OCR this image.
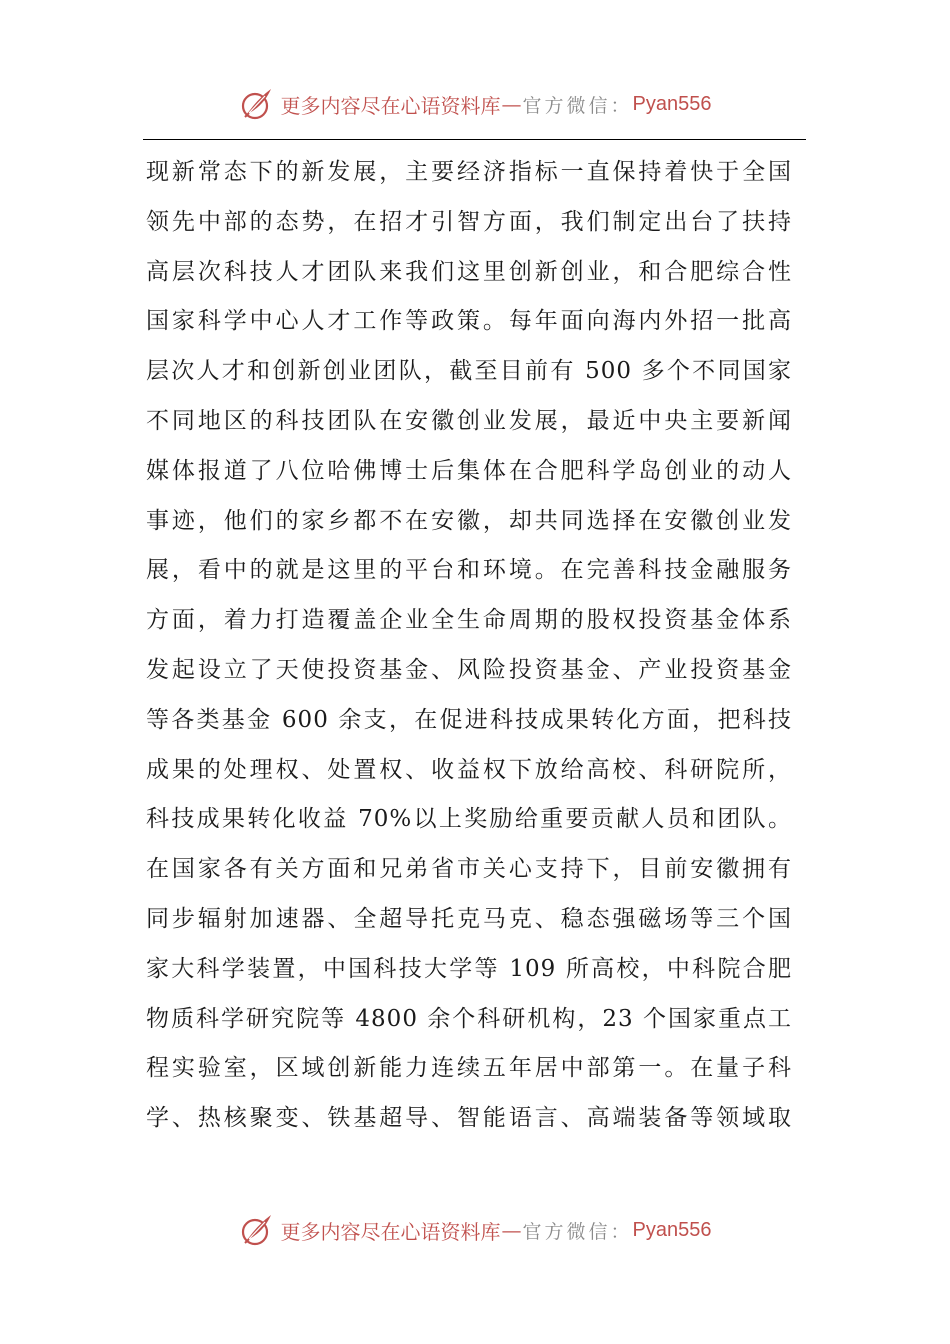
更多内容尽在心语资料库 — 官方微信： Pyan556
现新常态下的新发展，主要经济指标一直保持着快于全国
领先中部的态势，在招才引智方面，我们制定出台了扶持
高层次科技人才团队来我们这里创新创业，和合肥综合性
国家科学中心人才工作等政策。每年面向海内外招一批高
层次人才和创新创业团队，截至目前有 500 多个不同国家
不同地区的科技团队在安徽创业发展，最近中央主要新闻
媒体报道了八位哈佛博士后集体在合肥科学岛创业的动人
事迹，他们的家乡都不在安徽，却共同选择在安徽创业发
展，看中的就是这里的平台和环境。在完善科技金融服务
方面，着力打造覆盖企业全生命周期的股权投资基金体系
发起设立了天使投资基金、风险投资基金、产业投资基金
等各类基金 600 余支，在促进科技成果转化方面，把科技
成果的处理权、处置权、收益权下放给高校、科研院所，
科技成果转化收益 70%以上奖励给重要贡献人员和团队。
在国家各有关方面和兄弟省市关心支持下，目前安徽拥有
同步辐射加速器、全超导托克马克、稳态强磁场等三个国
家大科学装置，中国科技大学等 109 所高校，中科院合肥
物质科学研究院等 4800 余个科研机构，23 个国家重点工
程实验室，区域创新能力连续五年居中部第一。在量子科
学、热核聚变、铁基超导、智能语言、高端装备等领域取
更多内容尽在心语资料库 — 官方微信： Pyan556
